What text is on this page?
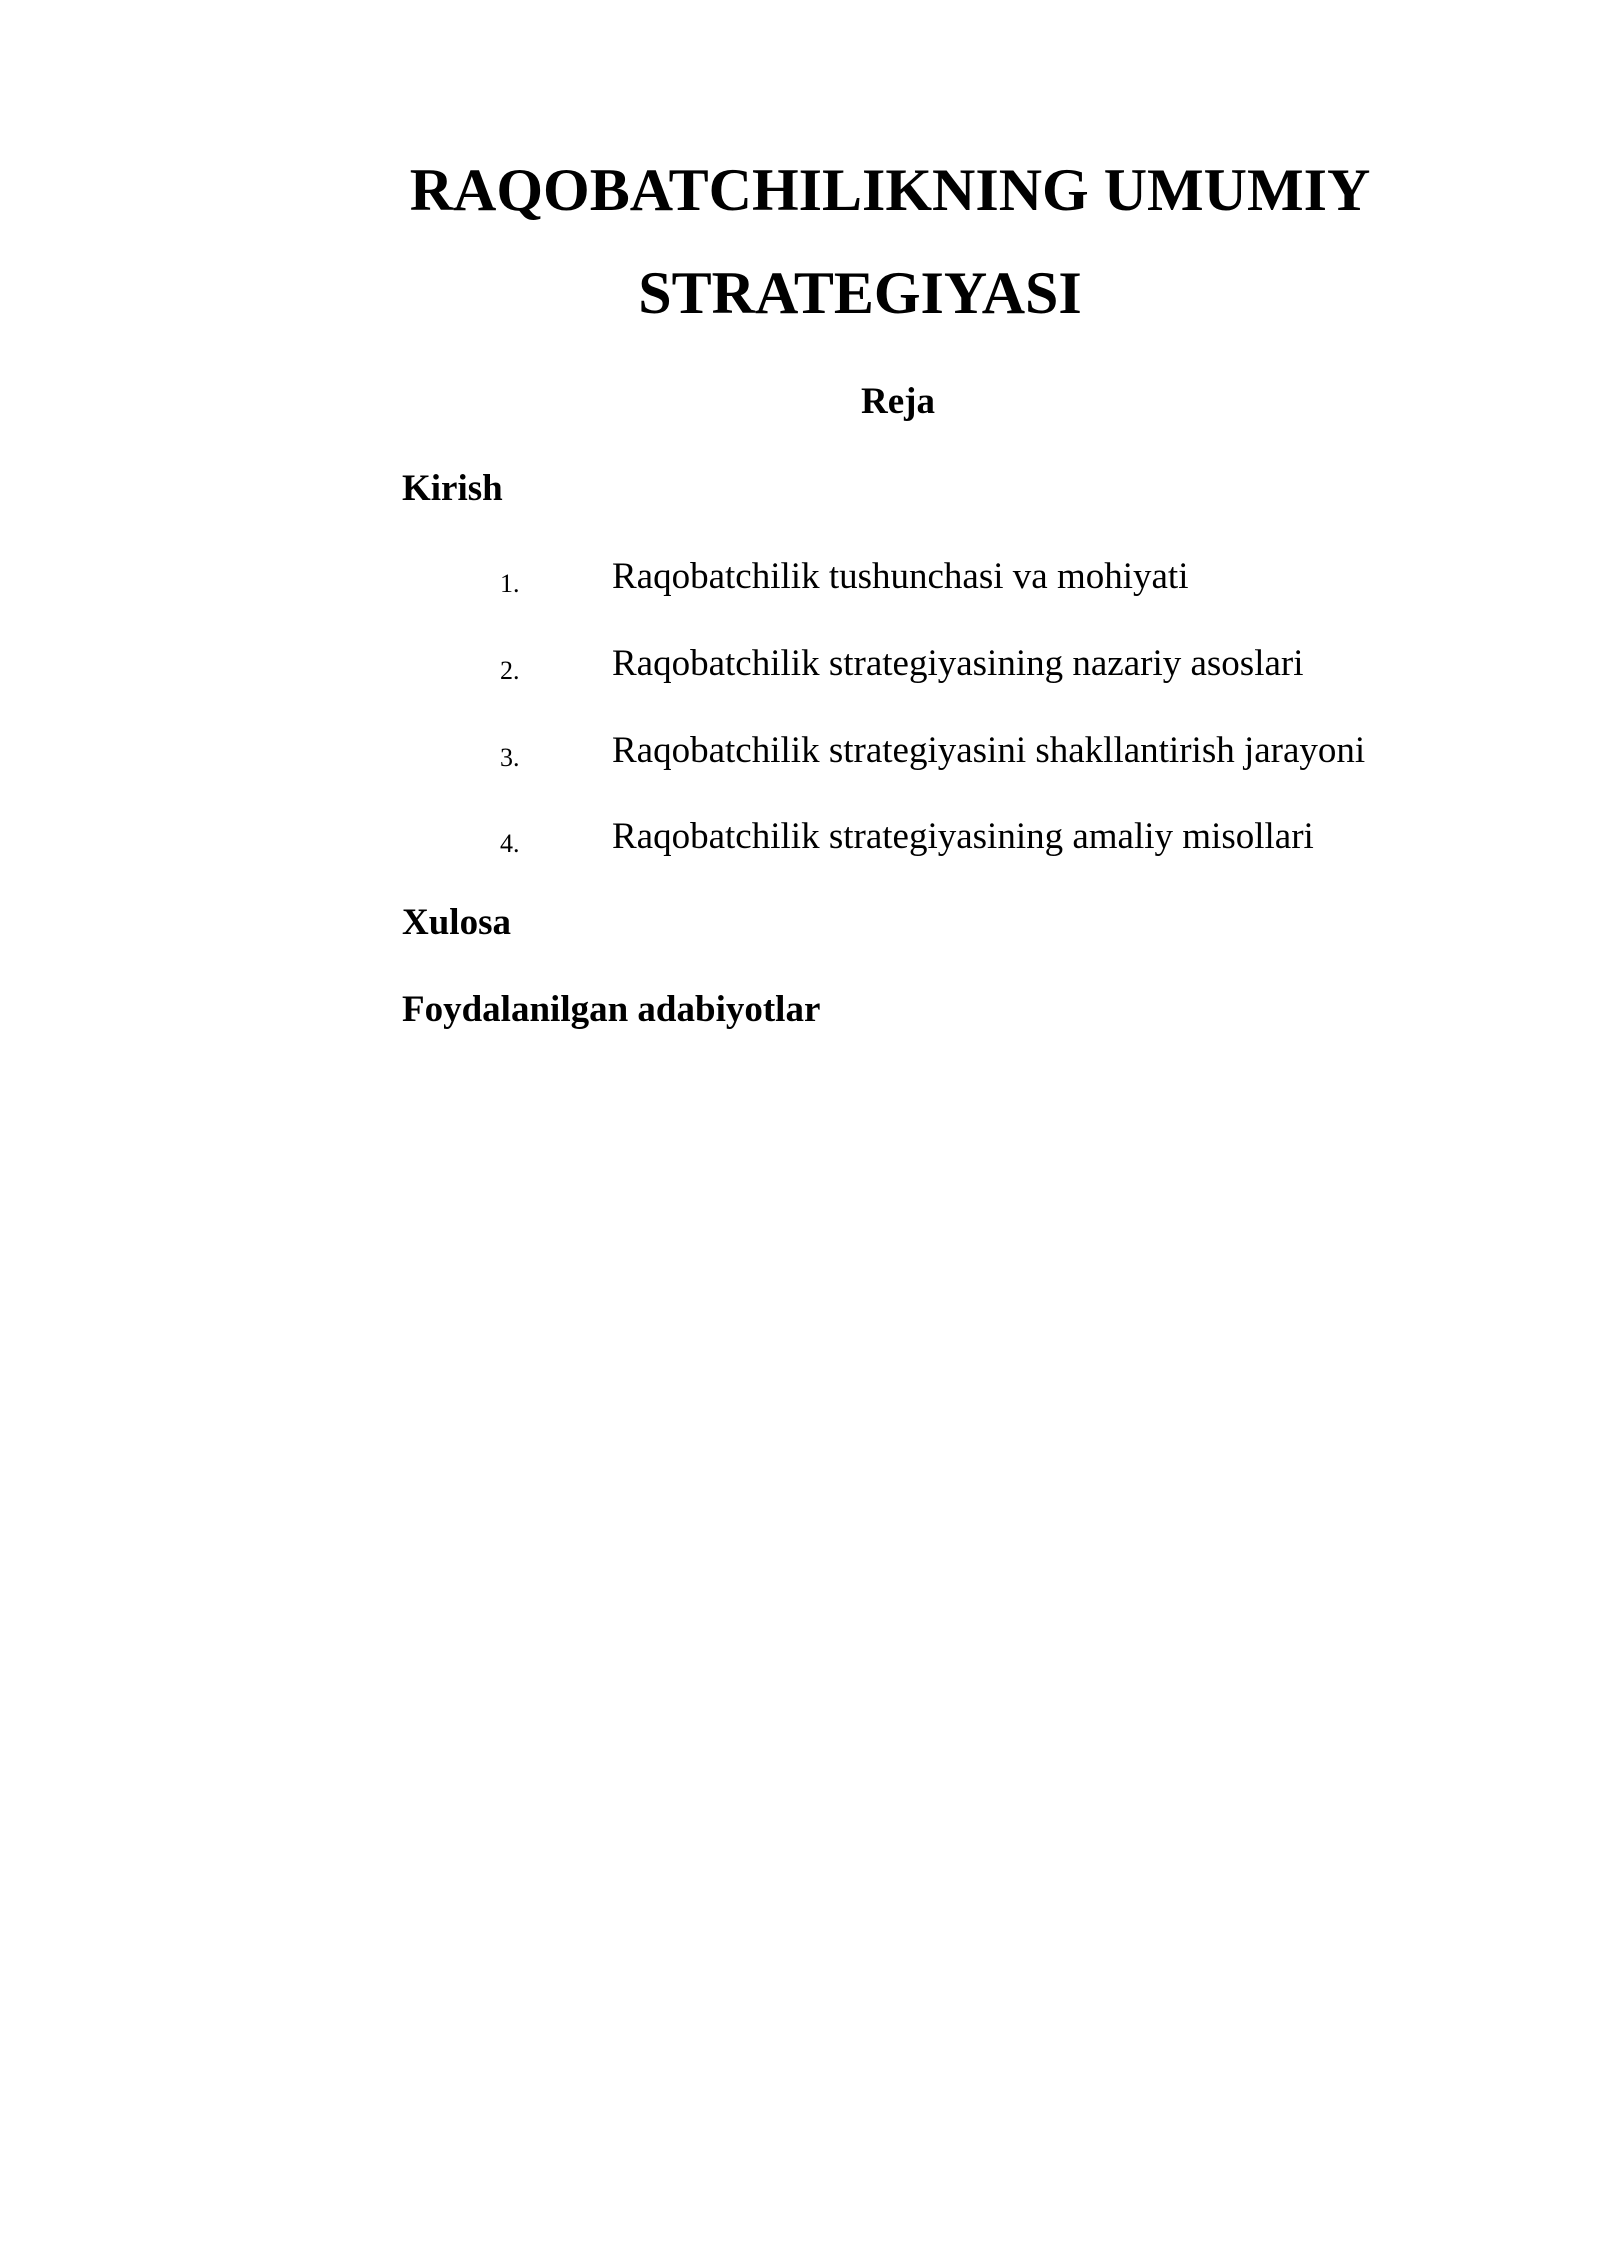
RAQOBATCHILIKNING UMUMIY
STRATEGIYASI
Reja
Kirish
1.	Raqobatchilik tushunchasi va mohiyati
2.	Raqobatchilik strategiyasining nazariy asoslari
3.	Raqobatchilik strategiyasini shakllantirish jarayoni
4.	Raqobatchilik strategiyasining amaliy misollari
Xulosa
Foydalanilgan adabiyotlar
